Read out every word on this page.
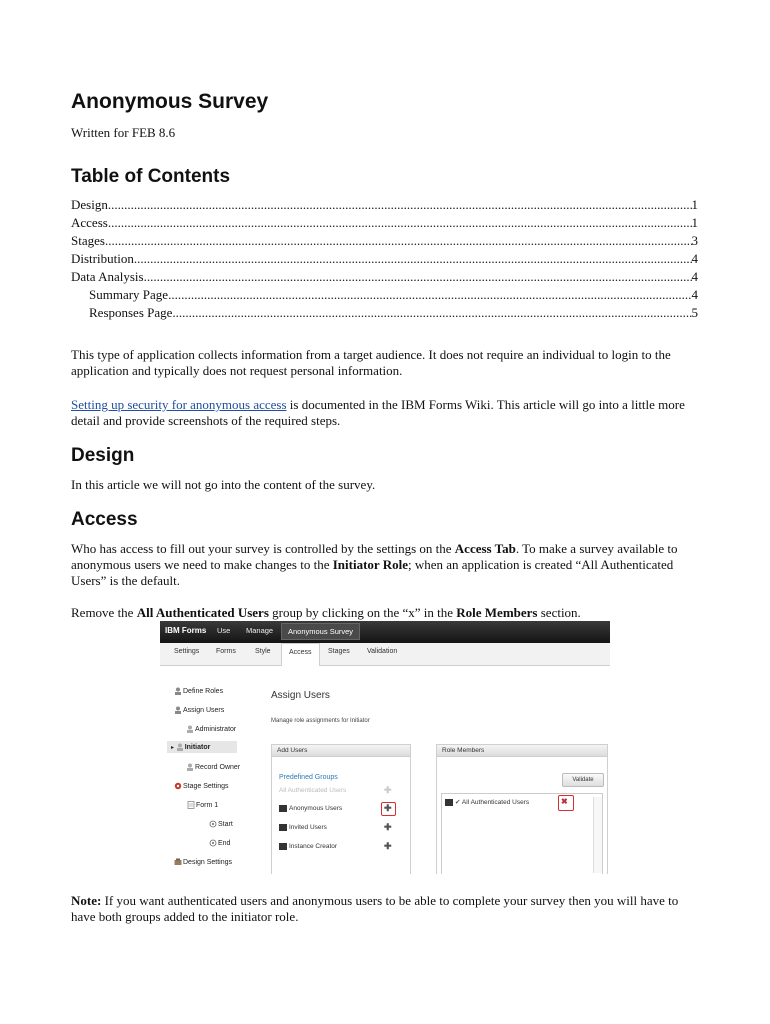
Anonymous Survey
Written for FEB 8.6
Table of Contents
Design .....	1
Access .....	1
Stages .....	3
Distribution .....	4
Data Analysis .....	4
Summary Page .....	4
Responses Page .....	5
This type of application collects information from a target audience. It does not require an individual to login to the application and typically does not request personal information.
Setting up security for anonymous access is documented in the IBM Forms Wiki. This article will go into a little more detail and provide screenshots of the required steps.
Design
In this article we will not go into the content of the survey.
Access
Who has access to fill out your survey is controlled by the settings on the Access Tab. To make a survey available to anonymous users we need to make changes to the Initiator Role; when an application is created “All Authenticated Users” is the default.
Remove the All Authenticated Users group by clicking on the “x” in the Role Members section.
IBM Forms Use Manage	Anonymous Survey
Settings Forms	Style	Access	Stages Validation
Define Roles
Assign Users
Administrator
▸ Initiator
Record Owner
Stage Settings
Form 1
Start
End
Design Settings
Assign Users
Manage role assignments for Initiator
Add Users
Predefined Groups
All Authenticated Users	✚
Anonymous Users	✚
Invited Users	✚
Instance Creator	✚
Role Members
Validate
✔ All Authenticated Users	✖
Note: If you want authenticated users and anonymous users to be able to complete your survey then you will have to have both groups added to the initiator role.
